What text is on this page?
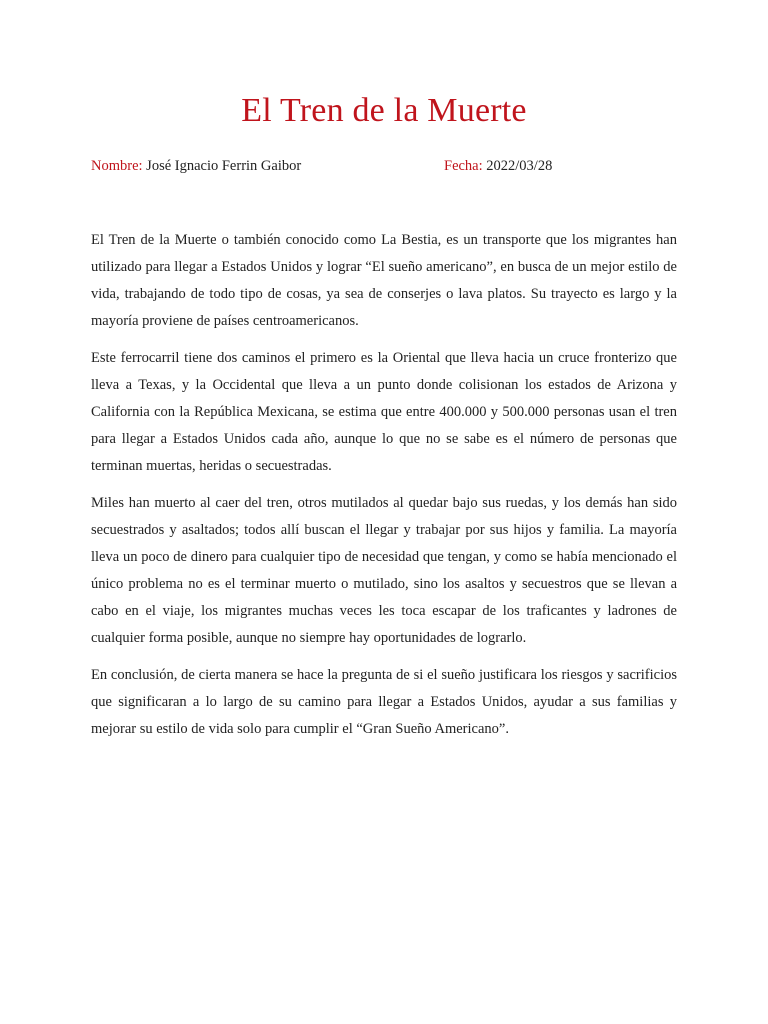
El Tren de la Muerte
Nombre: José Ignacio Ferrin Gaibor	Fecha: 2022/03/28

El Tren de la Muerte o también conocido como La Bestia, es un transporte que los migrantes han utilizado para llegar a Estados Unidos y lograr “El sueño americano”, en busca de un mejor estilo de vida, trabajando de todo tipo de cosas, ya sea de conserjes o lava platos. Su trayecto es largo y la mayoría proviene de países centroamericanos.

Este ferrocarril tiene dos caminos el primero es la Oriental que lleva hacia un cruce fronterizo que lleva a Texas, y la Occidental que lleva a un punto donde colisionan los estados de Arizona y California con la República Mexicana, se estima que entre 400.000 y 500.000 personas usan el tren para llegar a Estados Unidos cada año, aunque lo que no se sabe es el número de personas que terminan muertas, heridas o secuestradas.

Miles han muerto al caer del tren, otros mutilados al quedar bajo sus ruedas, y los demás han sido secuestrados y asaltados; todos allí buscan el llegar y trabajar por sus hijos y familia. La mayoría lleva un poco de dinero para cualquier tipo de necesidad que tengan, y como se había mencionado el único problema no es el terminar muerto o mutilado, sino los asaltos y secuestros que se llevan a cabo en el viaje, los migrantes muchas veces les toca escapar de los traficantes y ladrones de cualquier forma posible, aunque no siempre hay oportunidades de lograrlo.

En conclusión, de cierta manera se hace la pregunta de si el sueño justificara los riesgos y sacrificios que significaran a lo largo de su camino para llegar a Estados Unidos, ayudar a sus familias y mejorar su estilo de vida solo para cumplir el “Gran Sueño Americano”.
